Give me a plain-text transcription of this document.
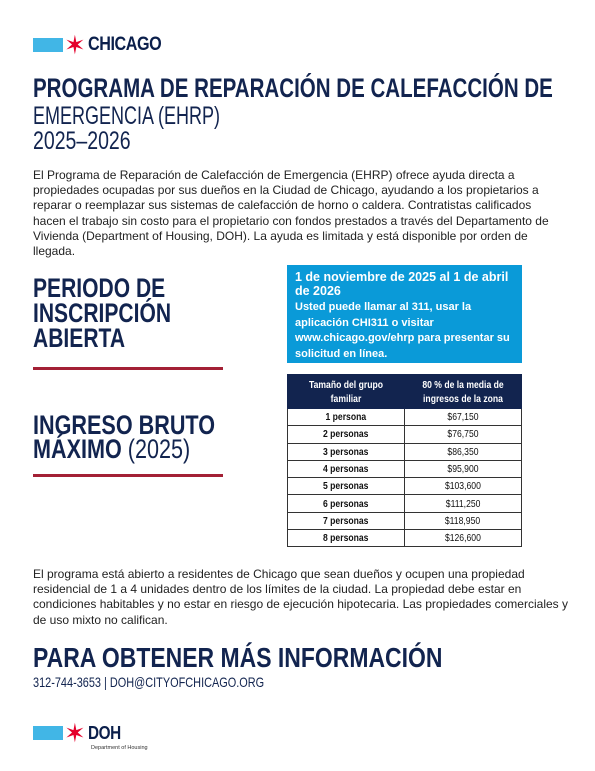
✶ CHICAGO
PROGRAMA DE REPARACIÓN DE CALEFACCIÓN DE
EMERGENCIA (EHRP)
2025–2026
El Programa de Reparación de Calefacción de Emergencia (EHRP) ofrece ayuda directa a propiedades ocupadas por sus dueños en la Ciudad de Chicago, ayudando a los propietarios a reparar o reemplazar sus sistemas de calefacción de horno o caldera. Contratistas calificados hacen el trabajo sin costo para el propietario con fondos prestados a través del Departamento de Vivienda (Department of Housing, DOH). La ayuda es limitada y está disponible por orden de llegada.
PERIODO DE
INSCRIPCIÓN
ABIERTA
1 de noviembre de 2025 al 1 de abril de 2026
Usted puede llamar al 311, usar la aplicación CHI311 o visitar www.chicago.gov/ehrp para presentar su solicitud en línea.
INGRESO BRUTO
MÁXIMO (2025)
Tamaño del grupo familiar	80 % de la media de ingresos de la zona
1 persona	$67,150
2 personas	$76,750
3 personas	$86,350
4 personas	$95,900
5 personas	$103,600
6 personas	$111,250
7 personas	$118,950
8 personas	$126,600
El programa está abierto a residentes de Chicago que sean dueños y ocupen una propiedad residencial de 1 a 4 unidades dentro de los límites de la ciudad. La propiedad debe estar en condiciones habitables y no estar en riesgo de ejecución hipotecaria. Las propiedades comerciales y de uso mixto no califican.
PARA OBTENER MÁS INFORMACIÓN
312-744-3653 | DOH@CITYOFCHICAGO.ORG
✶ DOH
Department of Housing
